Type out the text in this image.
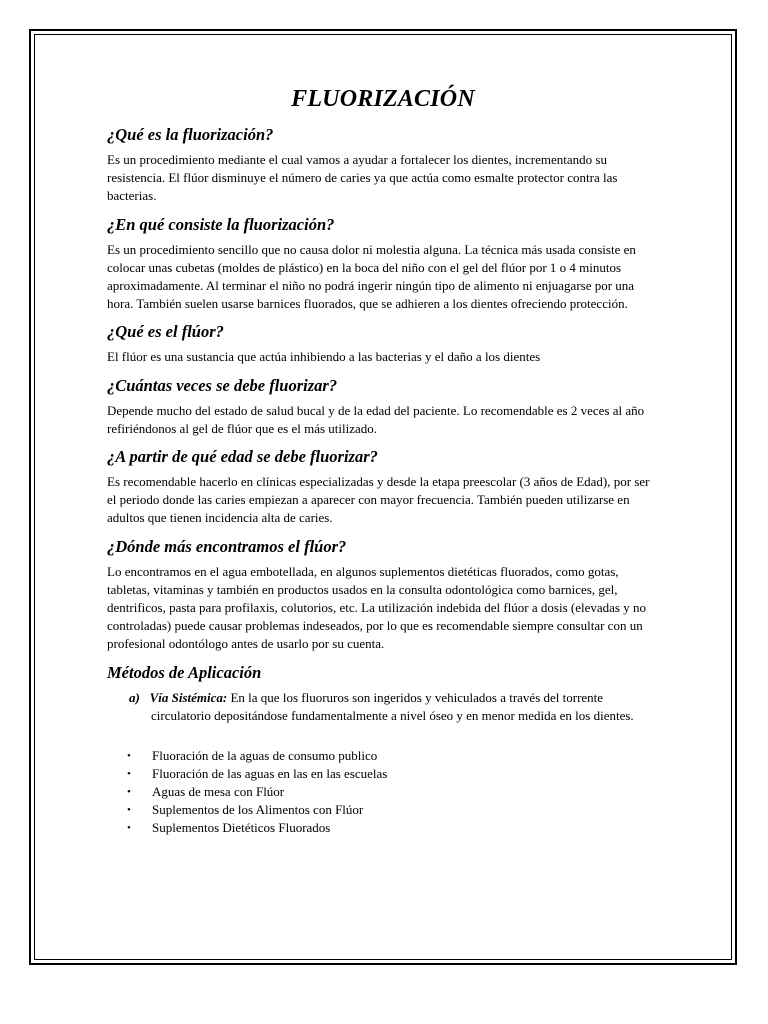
FLUORIZACIÓN
¿Qué es la fluorización?

Es un procedimiento mediante el cual vamos a ayudar a fortalecer los dientes, incrementando su resistencia. El flúor disminuye el número de caries ya que actúa como esmalte protector contra las bacterias.

¿En qué consiste la fluorización?

Es un procedimiento sencillo que no causa dolor ni molestia alguna. La técnica más usada consiste en colocar unas cubetas (moldes de plástico) en la boca del niño con el gel del flúor por 1 o 4 minutos aproximadamente. Al terminar el niño no podrá ingerir ningún tipo de alimento ni enjuagarse por una hora. También suelen usarse barnices fluorados, que se adhieren a los dientes ofreciendo protección.

¿Qué es el flúor?

El flúor es una sustancia que actúa inhibiendo a las bacterias y el daño a los dientes

¿Cuántas veces se debe fluorizar?

Depende mucho del estado de salud bucal y de la edad del paciente. Lo recomendable es 2 veces al año refiriéndonos al gel de flúor que es el más utilizado.

¿A partir de qué edad se debe fluorizar?

Es recomendable hacerlo en clínicas especializadas y desde la etapa preescolar (3 años de Edad), por ser el periodo donde las caries empiezan a aparecer con mayor frecuencia. También pueden utilizarse en adultos que tienen incidencia alta de caries.

¿Dónde más encontramos el flúor?

Lo encontramos en el agua embotellada, en algunos suplementos dietéticas fluorados, como gotas, tabletas, vitaminas y también en productos usados en la consulta odontológica como barnices, gel, dentrificos, pasta para profilaxis, colutorios, etc. La utilización indebida del flúor a dosis (elevadas y no controladas) puede causar problemas indeseados, por lo que es recomendable siempre consultar con un profesional odontólogo antes de usarlo por su cuenta.

Métodos de Aplicación
a) Vía Sistémica: En la que los fluoruros son ingeridos y vehiculados a través del torrente circulatorio depositándose fundamentalmente a nivel óseo y en menor medida en los dientes.
• Fluoración de la aguas de consumo publico
• Fluoración de las aguas en las en las escuelas
• Aguas de mesa con Flúor
• Suplementos de los Alimentos con Flúor
• Suplementos Dietéticos Fluorados
